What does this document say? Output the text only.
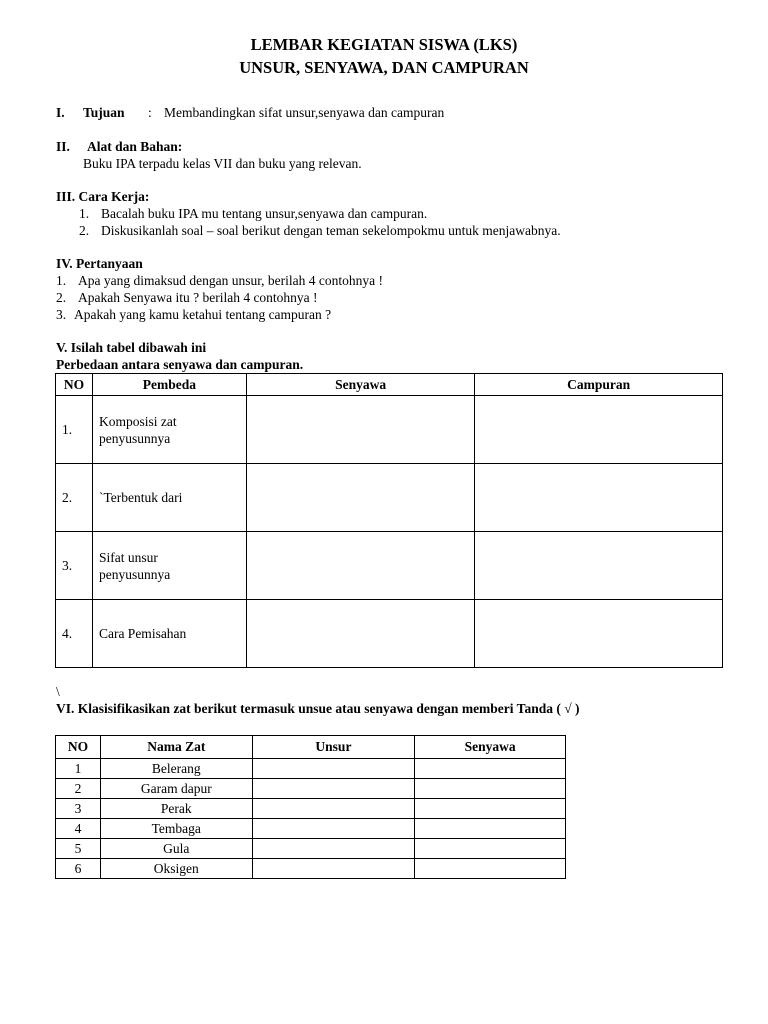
LEMBAR KEGIATAN SISWA (LKS)
UNSUR, SENYAWA, DAN CAMPURAN
I. Tujuan : Membandingkan sifat unsur,senyawa dan campuran
II. Alat dan Bahan:
Buku IPA terpadu kelas VII dan buku yang relevan.
III. Cara Kerja:
1. Bacalah buku IPA mu tentang unsur,senyawa dan campuran.
2. Diskusikanlah soal – soal berikut dengan teman sekelompokmu untuk menjawabnya.
IV. Pertanyaan
1. Apa yang dimaksud dengan unsur, berilah 4 contohnya !
2. Apakah Senyawa itu ? berilah 4 contohnya !
3. Apakah yang kamu ketahui tentang campuran ?
V. Isilah tabel dibawah ini
Perbedaan antara senyawa dan campuran.
NO	Pembeda	Senyawa	Campuran
1.	Komposisi zat
penyusunnya		

2.	`Terbentuk dari		

3.	Sifat unsur
penyusunnya		

4.	Cara Pemisahan		

\
VI. Klasisifikasikan zat berikut termasuk unsue atau senyawa dengan memberi Tanda ( √ )
NO	Nama Zat	Unsur	Senyawa
1	Belerang		
2	Garam dapur		
3	Perak		
4	Tembaga		
5	Gula		
6	Oksigen		
